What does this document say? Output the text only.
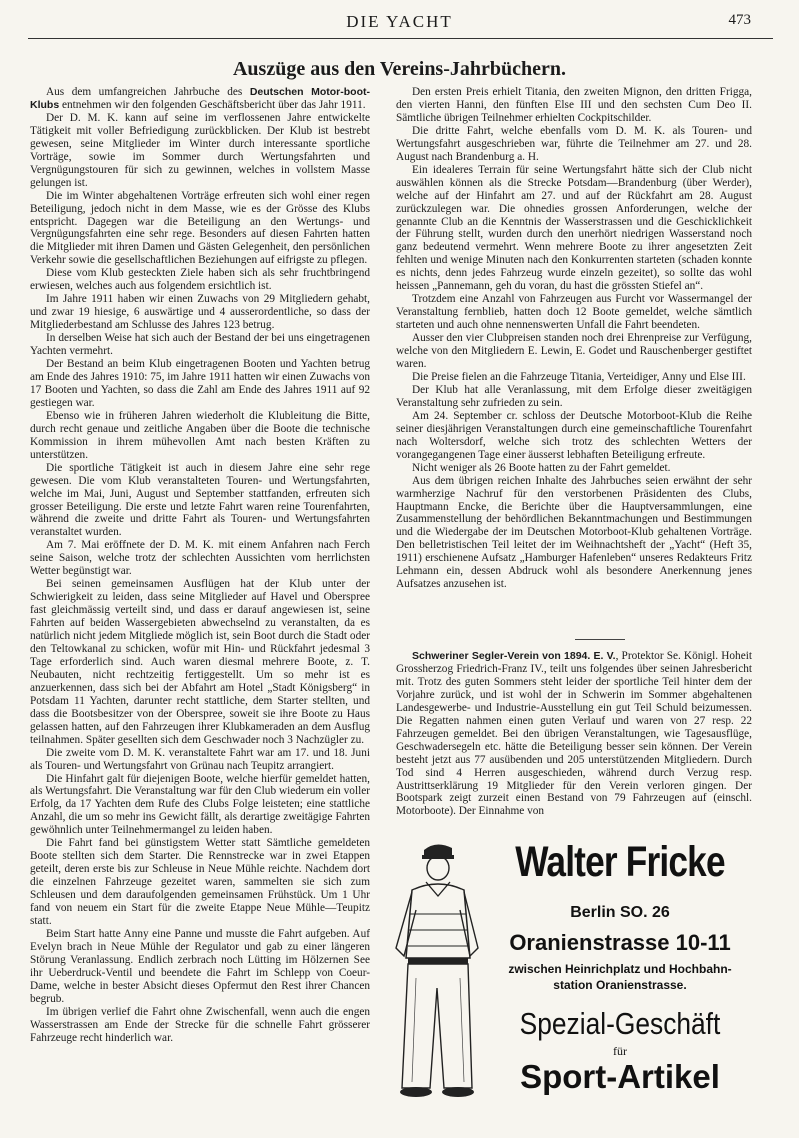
DIE YACHT	473
Auszüge aus den Vereins-Jahrbüchern.

Aus dem umfangreichen Jahrbuche des Deutschen Motor-boot-Klubs entnehmen wir den folgenden Geschäftsbericht über das Jahr 1911.

Der D. M. K. kann auf seine im verflossenen Jahre entwickelte Tätigkeit mit voller Befriedigung zurückblicken. Der Klub ist bestrebt gewesen, seine Mitglieder im Winter durch interessante sportliche Vorträge, sowie im Sommer durch Wertungsfahrten und Vergnügungstouren für sich zu gewinnen, welches in vollstem Masse gelungen ist.

Die im Winter abgehaltenen Vorträge erfreuten sich wohl einer regen Beteiligung, jedoch nicht in dem Masse, wie es der Grösse des Klubs entspricht. Dagegen war die Beteiligung an den Wertungs- und Vergnügungsfahrten eine sehr rege. Besonders auf diesen Fahrten hatten die Mitglieder mit ihren Damen und Gästen Gelegenheit, den persönlichen Verkehr sowie die gesellschaftlichen Beziehungen auf eifrigste zu pflegen.

Diese vom Klub gesteckten Ziele haben sich als sehr fruchtbringend erwiesen, welches auch aus folgendem ersichtlich ist.

Im Jahre 1911 haben wir einen Zuwachs von 29 Mitgliedern gehabt, und zwar 19 hiesige, 6 auswärtige und 4 ausserordentliche, so dass der Mitgliederbestand am Schlusse des Jahres 123 betrug.

In derselben Weise hat sich auch der Bestand der bei uns eingetragenen Yachten vermehrt.

Der Bestand an beim Klub eingetragenen Booten und Yachten betrug am Ende des Jahres 1910: 75, im Jahre 1911 hatten wir einen Zuwachs von 17 Booten und Yachten, so dass die Zahl am Ende des Jahres 1911 auf 92 gestiegen war.

Ebenso wie in früheren Jahren wiederholt die Klubleitung die Bitte, durch recht genaue und zeitliche Angaben über die Boote die technische Kommission in ihrem mühevollen Amt nach besten Kräften zu unterstützen.

Die sportliche Tätigkeit ist auch in diesem Jahre eine sehr rege gewesen. Die vom Klub veranstalteten Touren- und Wertungsfahrten, welche im Mai, Juni, August und September stattfanden, erfreuten sich grosser Beteiligung. Die erste und letzte Fahrt waren reine Tourenfahrten, während die zweite und dritte Fahrt als Touren- und Wertungsfahrten veranstaltet wurden.

Am 7. Mai eröffnete der D. M. K. mit einem Anfahren nach Ferch seine Saison, welche trotz der schlechten Aussichten vom herrlichsten Wetter begünstigt war.

Bei seinen gemeinsamen Ausflügen hat der Klub unter der Schwierigkeit zu leiden, dass seine Mitglieder auf Havel und Oberspree fast gleichmässig verteilt sind, und dass er darauf angewiesen ist, seine Fahrten auf beiden Wassergebieten abwechselnd zu veranstalten, da es natürlich nicht jedem Mitgliede möglich ist, sein Boot durch die Stadt oder den Teltowkanal zu schicken, wofür mit Hin- und Rückfahrt jedesmal 3 Tage erforderlich sind. Auch waren diesmal mehrere Boote, z. T. Neubauten, nicht rechtzeitig fertiggestellt. Um so mehr ist es anzuerkennen, dass sich bei der Abfahrt am Hotel „Stadt Königsberg“ in Potsdam 11 Yachten, darunter recht stattliche, dem Starter stellten, und dass die Bootsbesitzer von der Oberspree, soweit sie ihre Boote zu Haus gelassen hatten, auf den Fahrzeugen ihrer Klubkameraden an dem Ausflug teilnahmen. Später gesellten sich dem Geschwader noch 3 Nachzügler zu.

Die zweite vom D. M. K. veranstaltete Fahrt war am 17. und 18. Juni als Touren- und Wertungsfahrt von Grünau nach Teupitz arrangiert.

Die Hinfahrt galt für diejenigen Boote, welche hierfür gemeldet hatten, als Wertungsfahrt. Die Veranstaltung war für den Club wiederum ein voller Erfolg, da 17 Yachten dem Rufe des Clubs Folge leisteten; eine stattliche Anzahl, die um so mehr ins Gewicht fällt, als derartige zweitägige Fahrten gewöhnlich unter Teilnehmermangel zu leiden haben.

Die Fahrt fand bei günstigstem Wetter statt Sämtliche gemeldeten Boote stellten sich dem Starter. Die Rennstrecke war in zwei Etappen geteilt, deren erste bis zur Schleuse in Neue Mühle reichte. Nachdem dort die einzelnen Fahrzeuge gezeitet waren, sammelten sie sich zum Schleusen und dem daraufolgenden gemeinsamen Frühstück. Um 1 Uhr fand von neuem ein Start für die zweite Etappe Neue Mühle—Teupitz statt.

Beim Start hatte Anny eine Panne und musste die Fahrt aufgeben. Auf Evelyn brach in Neue Mühle der Regulator und gab zu einer längeren Störung Veranlassung. Endlich zerbrach noch Lütting im Hölzernen See ihr Ueberdruck-Ventil und beendete die Fahrt im Schlepp von Coeur-Dame, welche in bester Absicht dieses Opfermut den Rest ihrer Chancen begrub.

Im übrigen verlief die Fahrt ohne Zwischenfall, wenn auch die engen Wasserstrassen am Ende der Strecke für die schnelle Fahrt grösserer Fahrzeuge recht hinderlich war.

Den ersten Preis erhielt Titania, den zweiten Mignon, den dritten Frigga, den vierten Hanni, den fünften Else III und den sechsten Cum Deo II. Sämtliche übrigen Teilnehmer erhielten Cockpitschilder.

Die dritte Fahrt, welche ebenfalls vom D. M. K. als Touren- und Wertungsfahrt ausgeschrieben war, führte die Teilnehmer am 27. und 28. August nach Brandenburg a. H.

Ein idealeres Terrain für seine Wertungsfahrt hätte sich der Club nicht auswählen können als die Strecke Potsdam—Brandenburg (über Werder), welche auf der Hinfahrt am 27. und auf der Rückfahrt am 28. August zurückzulegen war. Die ohnedies grossen Anforderungen, welche der genannte Club an die Kenntnis der Wasserstrassen und die Geschicklichkeit der Führung stellt, wurden durch den unerhört niedrigen Wasserstand noch ganz bedeutend vermehrt. Wenn mehrere Boote zu ihrer angesetzten Zeit fehlten und wenige Minuten nach den Konkurrenten starteten (schaden konnte es nichts, denn jedes Fahrzeug wurde einzeln gezeitet), so sollte das wohl heissen „Pannemann, geh du voran, du hast die grössten Stiefel an“.

Trotzdem eine Anzahl von Fahrzeugen aus Furcht vor Wassermangel der Veranstaltung fernblieb, hatten doch 12 Boote gemeldet, welche sämtlich starteten und auch ohne nennenswerten Unfall die Fahrt beendeten.

Ausser den vier Clubpreisen standen noch drei Ehrenpreise zur Verfügung, welche von den Mitgliedern E. Lewin, E. Godet und Rauschenberger gestiftet waren.

Die Preise fielen an die Fahrzeuge Titania, Verteidiger, Anny und Else III.

Der Klub hat alle Veranlassung, mit dem Erfolge dieser zweitägigen Veranstaltung sehr zufrieden zu sein.

Am 24. September cr. schloss der Deutsche Motorboot-Klub die Reihe seiner diesjährigen Veranstaltungen durch eine gemeinschaftliche Tourenfahrt nach Woltersdorf, welche sich trotz des schlechten Wetters der vorangegangenen Tage einer äusserst lebhaften Beteiligung erfreute.

Nicht weniger als 26 Boote hatten zu der Fahrt gemeldet.

Aus dem übrigen reichen Inhalte des Jahrbuches seien erwähnt der sehr warmherzige Nachruf für den verstorbenen Präsidenten des Clubs, Hauptmann Encke, die Berichte über die Hauptversammlungen, eine Zusammenstellung der behördlichen Bekanntmachungen und Bestimmungen und die Wiedergabe der im Deutschen Motorboot-Klub gehaltenen Vorträge. Den belletristischen Teil leitet der im Weihnachtsheft der „Yacht“ (Heft 35, 1911) erschienene Aufsatz „Hamburger Hafenleben“ unseres Redakteurs Fritz Lehmann ein, dessen Abdruck wohl als besondere Anerkennung jenes Aufsatzes anzusehen ist.

Schweriner Segler-Verein von 1894. E. V., Protektor Se. Königl. Hoheit Grossherzog Friedrich-Franz IV., teilt uns folgendes über seinen Jahresbericht mit. Trotz des guten Sommers steht leider der sportliche Teil hinter dem der Vorjahre zurück, und ist wohl der in Schwerin im Sommer abgehaltenen Landesgewerbe- und Industrie-Ausstellung ein gut Teil Schuld beizumessen. Die Regatten nahmen einen guten Verlauf und waren von 27 resp. 22 Fahrzeugen gemeldet. Bei den übrigen Veranstaltungen, wie Tagesausflüge, Geschwadersegeln etc. hätte die Beteiligung besser sein können. Der Verein besteht jetzt aus 77 ausübenden und 205 unterstützenden Mitgliedern. Durch Tod sind 4 Herren ausgeschieden, während durch Verzug resp. Austrittserklärung 19 Mitglieder für den Verein verloren gingen. Der Bootspark zeigt zurzeit einen Bestand von 79 Fahrzeugen auf (einschl. Motorboote). Der Einnahme von

Walter Fricke
Berlin SO. 26
Oranienstrasse 10-11
zwischen Heinrichplatz und Hochbahn-
station Oranienstrasse.
Spezial-Geschäft
für
Sport-Artikel
